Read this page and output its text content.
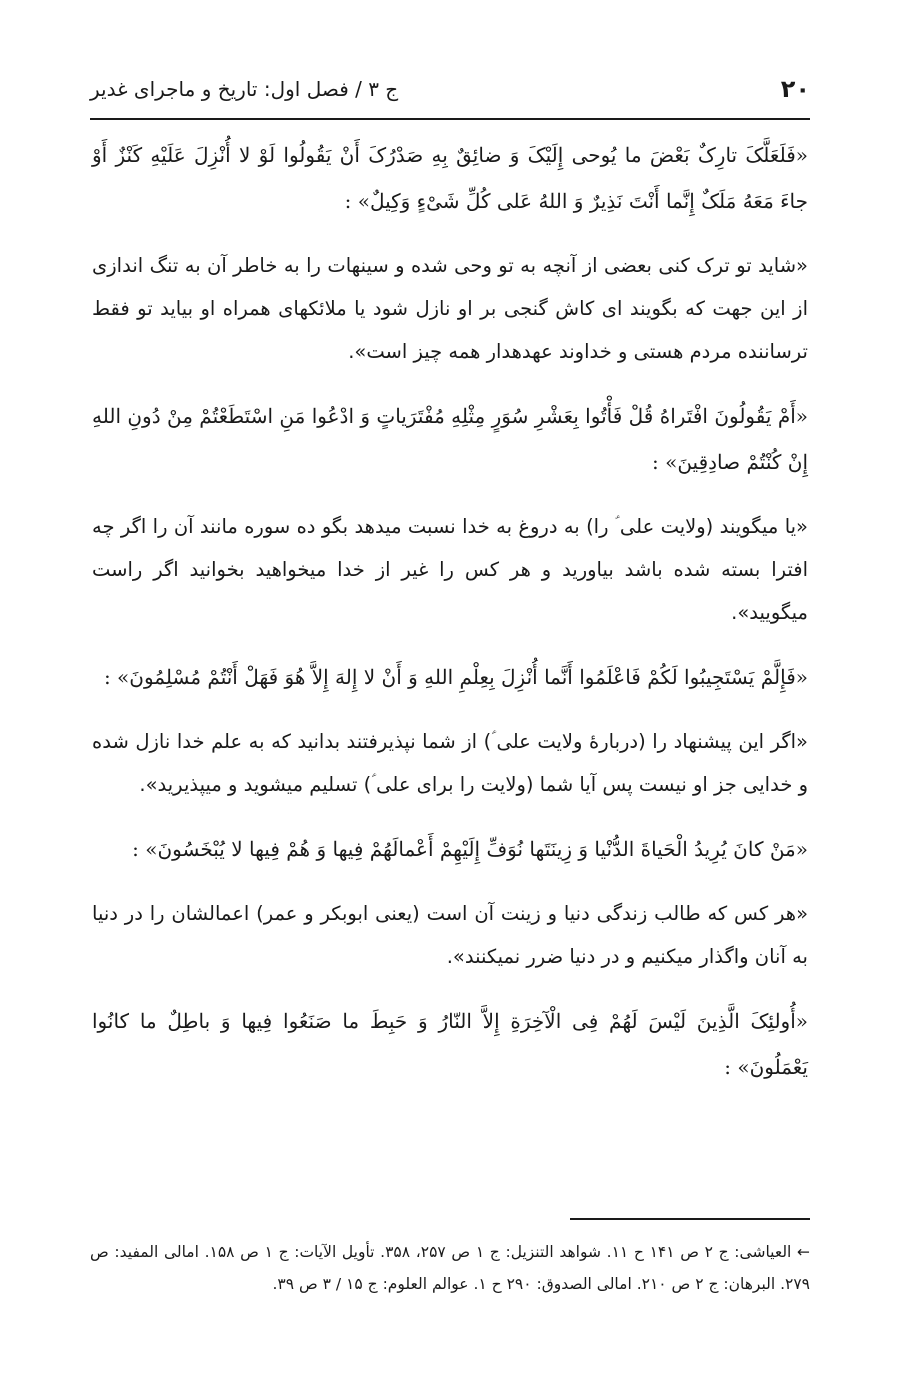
۲۰
ج ۳ / فصل اول: تاریخ و ماجرای غدیر

«فَلَعَلَّکَ تارِکٌ بَعْضَ ما یُوحی إِلَیْکَ وَ ضائِقٌ بِهِ صَدْرُکَ أَنْ یَقُولُوا لَوْ لا أُنْزِلَ عَلَیْهِ کَنْزٌ أَوْ جاءَ مَعَهُ مَلَکٌ إِنَّما أَنْتَ نَذِیرٌ وَ اللهُ عَلی کُلِّ شَیْءٍ وَکِیلٌ» :

«شاید تو ترک کنی بعضی از آنچه به تو وحی شده و سینهات را به خاطر آن به تنگ اندازی از این جهت که بگویند ای کاش گنجی بر او نازل شود یا ملائکهای همراه او بیاید تو فقط ترساننده مردم هستی و خداوند عهدهدار همه چیز است».

«أَمْ یَقُولُونَ افْتَراهُ قُلْ فَأْتُوا بِعَشْرِ سُوَرٍ مِثْلِهِ مُفْتَرَیاتٍ وَ ادْعُوا مَنِ اسْتَطَعْتُمْ مِنْ دُونِ اللهِ إِنْ کُنْتُمْ صادِقِینَ» :

«یا میگویند (ولایت علی ؑ را) به دروغ به خدا نسبت میدهد بگو ده سوره مانند آن را اگر چه افترا بسته شده باشد بیاورید و هر کس را غیر از خدا میخواهید بخوانید اگر راست میگویید».

«فَإِلَّمْ یَسْتَجِیبُوا لَکُمْ فَاعْلَمُوا أَنَّما أُنْزِلَ بِعِلْمِ اللهِ وَ أَنْ لا إِلهَ إِلاَّ هُوَ فَهَلْ أَنْتُمْ مُسْلِمُونَ» :

«اگر این پیشنهاد را (دربارهٔ ولایت علی ؑ) از شما نپذیرفتند بدانید که به علم خدا نازل شده و خدایی جز او نیست پس آیا شما (ولایت را برای علی ؑ) تسلیم میشوید و میپذیرید».

«مَنْ کانَ یُرِیدُ الْحَیاةَ الدُّنْیا وَ زِینَتَها نُوَفِّ إِلَیْهِمْ أَعْمالَهُمْ فِیها وَ هُمْ فِیها لا یُبْخَسُونَ» :

«هر کس که طالب زندگی دنیا و زینت آن است (یعنی ابوبکر و عمر) اعمالشان را در دنیا به آنان واگذار میکنیم و در دنیا ضرر نمیکنند».

«أُولئِکَ الَّذِینَ لَیْسَ لَهُمْ فِی الْآخِرَةِ إِلاَّ النّارُ وَ حَبِطَ ما صَنَعُوا فِیها وَ باطِلٌ ما کانُوا یَعْمَلُونَ» :

← العیاشی: ج ۲ ص ۱۴۱ ح ۱۱. شواهد التنزیل: ج ۱ ص ۲۵۷، ۳۵۸. تأویل الآیات: ج ۱ ص ۱۵۸. امالی المفید: ص ۲۷۹. البرهان: ج ۲ ص ۲۱۰. امالی الصدوق: ۲۹۰ ح ۱. عوالم العلوم: ج ۱۵ / ۳ ص ۳۹.
